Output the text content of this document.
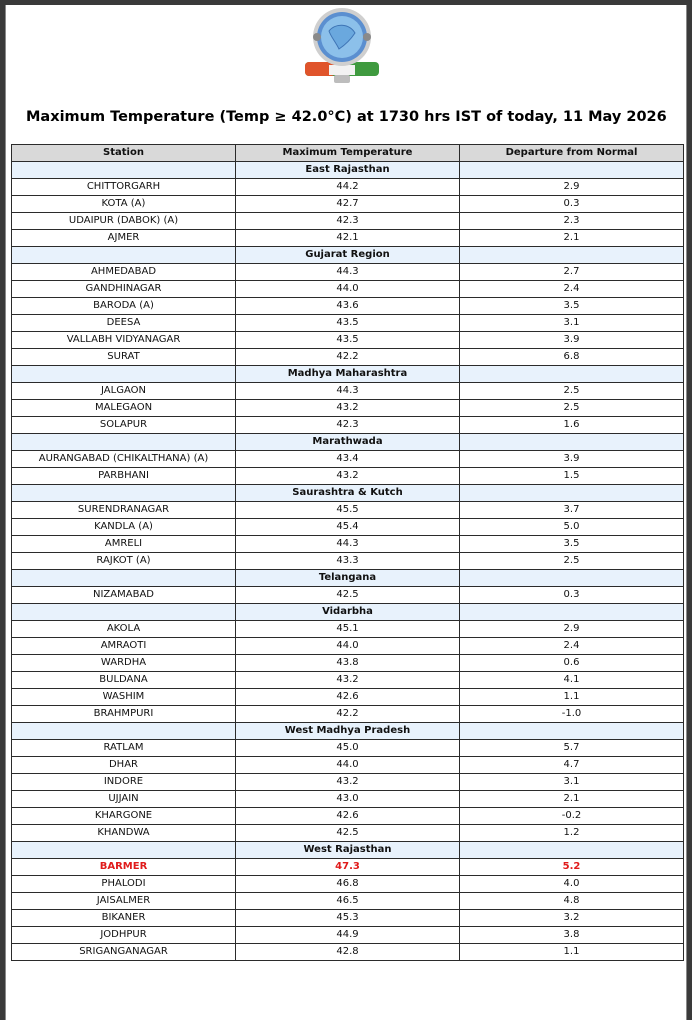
Maximum Temperature (Temp ≥ 42.0°C) at 1730 hrs IST of today, 11 May 2026
Station	Maximum Temperature	Departure from Normal
	East Rajasthan	
CHITTORGARH	44.2	2.9
KOTA (A)	42.7	0.3
UDAIPUR (DABOK) (A)	42.3	2.3
AJMER	42.1	2.1
	Gujarat Region	
AHMEDABAD	44.3	2.7
GANDHINAGAR	44.0	2.4
BARODA (A)	43.6	3.5
DEESA	43.5	3.1
VALLABH VIDYANAGAR	43.5	3.9
SURAT	42.2	6.8
	Madhya Maharashtra	
JALGAON	44.3	2.5
MALEGAON	43.2	2.5
SOLAPUR	42.3	1.6
	Marathwada	
AURANGABAD (CHIKALTHANA) (A)	43.4	3.9
PARBHANI	43.2	1.5
	Saurashtra & Kutch	
SURENDRANAGAR	45.5	3.7
KANDLA (A)	45.4	5.0
AMRELI	44.3	3.5
RAJKOT (A)	43.3	2.5
	Telangana	
NIZAMABAD	42.5	0.3
	Vidarbha	
AKOLA	45.1	2.9
AMRAOTI	44.0	2.4
WARDHA	43.8	0.6
BULDANA	43.2	4.1
WASHIM	42.6	1.1
BRAHMPURI	42.2	-1.0
	West Madhya Pradesh	
RATLAM	45.0	5.7
DHAR	44.0	4.7
INDORE	43.2	3.1
UJJAIN	43.0	2.1
KHARGONE	42.6	-0.2
KHANDWA	42.5	1.2
	West Rajasthan	
BARMER	47.3	5.2
PHALODI	46.8	4.0
JAISALMER	46.5	4.8
BIKANER	45.3	3.2
JODHPUR	44.9	3.8
SRIGANGANAGAR	42.8	1.1
